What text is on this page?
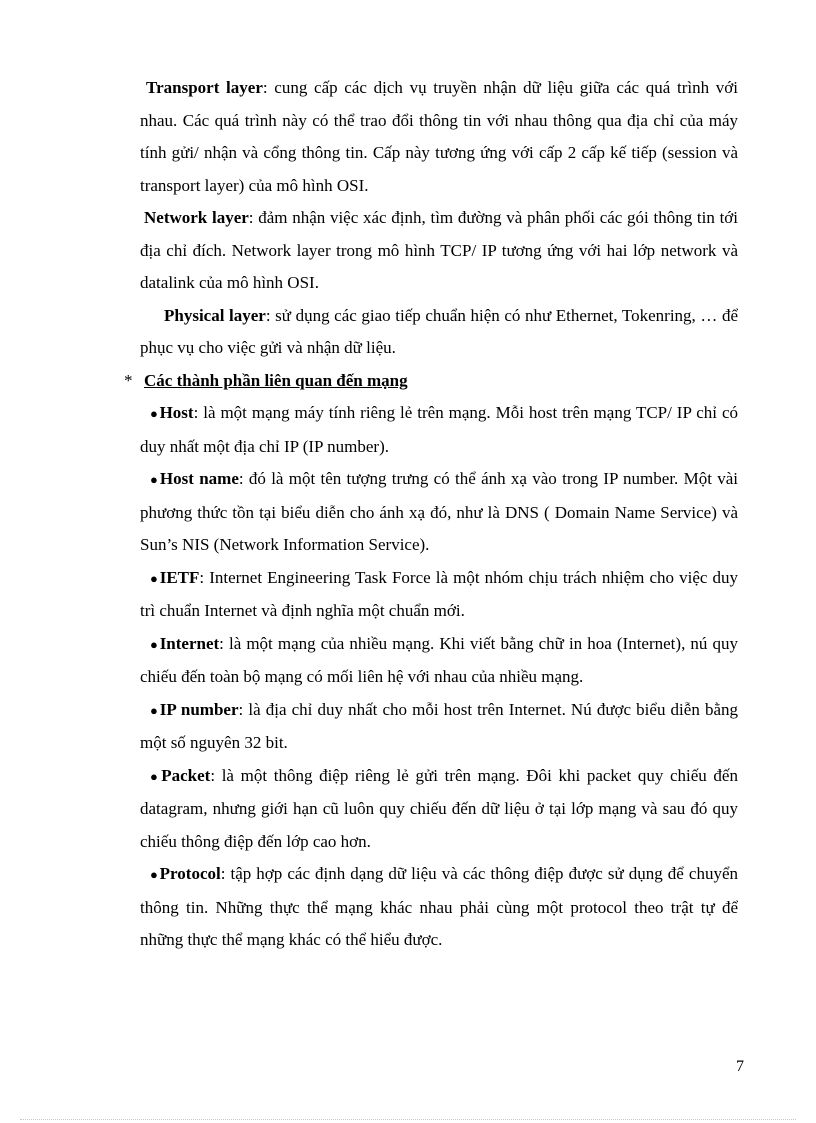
Transport layer: cung cấp các dịch vụ truyền nhận dữ liệu giữa các quá trình với nhau. Các quá trình này có thể trao đổi thông tin với nhau thông qua địa chỉ của máy tính gửi/ nhận và cổng thông tin. Cấp này tương ứng với cấp 2 cấp kế tiếp (session và transport layer) của mô hình OSI.

Network layer: đảm nhận việc xác định, tìm đường và phân phối các gói thông tin tới địa chỉ đích. Network layer trong mô hình TCP/ IP tương ứng với hai lớp network và datalink của mô hình OSI.

Physical layer: sử dụng các giao tiếp chuẩn hiện có như Ethernet, Tokenring, … để phục vụ cho việc gửi và nhận dữ liệu.

* Các thành phần liên quan đến mạng

●Host: là một mạng máy tính riêng lẻ trên mạng. Mỗi host trên mạng TCP/ IP chỉ có duy nhất một địa chỉ IP (IP number).

●Host name: đó là một tên tượng trưng có thể ánh xạ vào trong IP number. Một vài phương thức tồn tại biểu diễn cho ánh xạ đó, như là DNS ( Domain Name Service) và Sun’s NIS (Network Information Service).

●IETF: Internet Engineering Task Force là một nhóm chịu trách nhiệm cho việc duy trì chuẩn Internet và định nghĩa một chuẩn mới.

●Internet: là một mạng của nhiều mạng. Khi viết bằng chữ in hoa (Internet), nú quy chiếu đến toàn bộ mạng có mối liên hệ với nhau của nhiều mạng.

●IP number: là địa chỉ duy nhất cho mỗi host trên Internet. Nú được biểu diễn bằng một số nguyên 32 bit.

●Packet: là một thông điệp riêng lẻ gửi trên mạng. Đôi khi packet quy chiếu đến datagram, nhưng giới hạn cũ luôn quy chiếu đến dữ liệu ở tại lớp mạng và sau đó quy chiếu thông điệp đến lớp cao hơn.

●Protocol: tập hợp các định dạng dữ liệu và các thông điệp được sử dụng để chuyển thông tin. Những thực thể mạng khác nhau phải cùng một protocol theo trật tự để những thực thể mạng khác có thể hiểu được.

7
